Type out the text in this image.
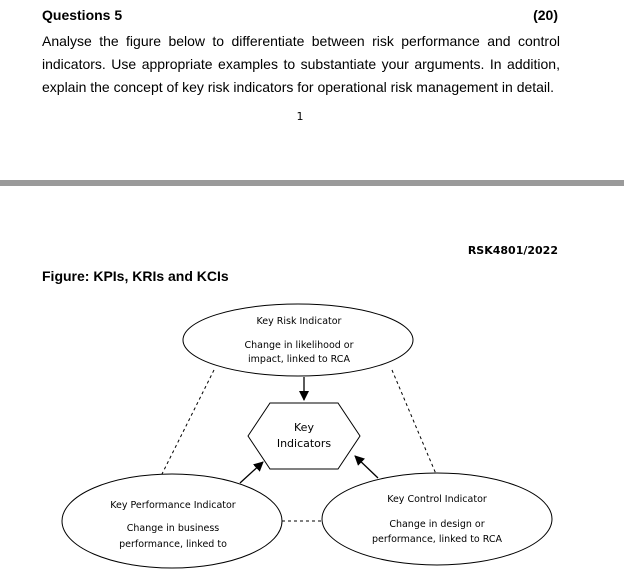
Questions 5	(20)
Analyse the figure below to differentiate between risk performance and control indicators. Use appropriate examples to substantiate your arguments. In addition, explain the concept of key risk indicators for operational risk management in detail.
1
RSK4801/2022
Figure: KPIs, KRIs and KCIs
Key Risk Indicator
Change in likelihood or
impact, linked to RCA
Key
Indicators
Key Performance Indicator
Change in business
performance, linked to
Key Control Indicator
Change in design or
performance, linked to RCA
